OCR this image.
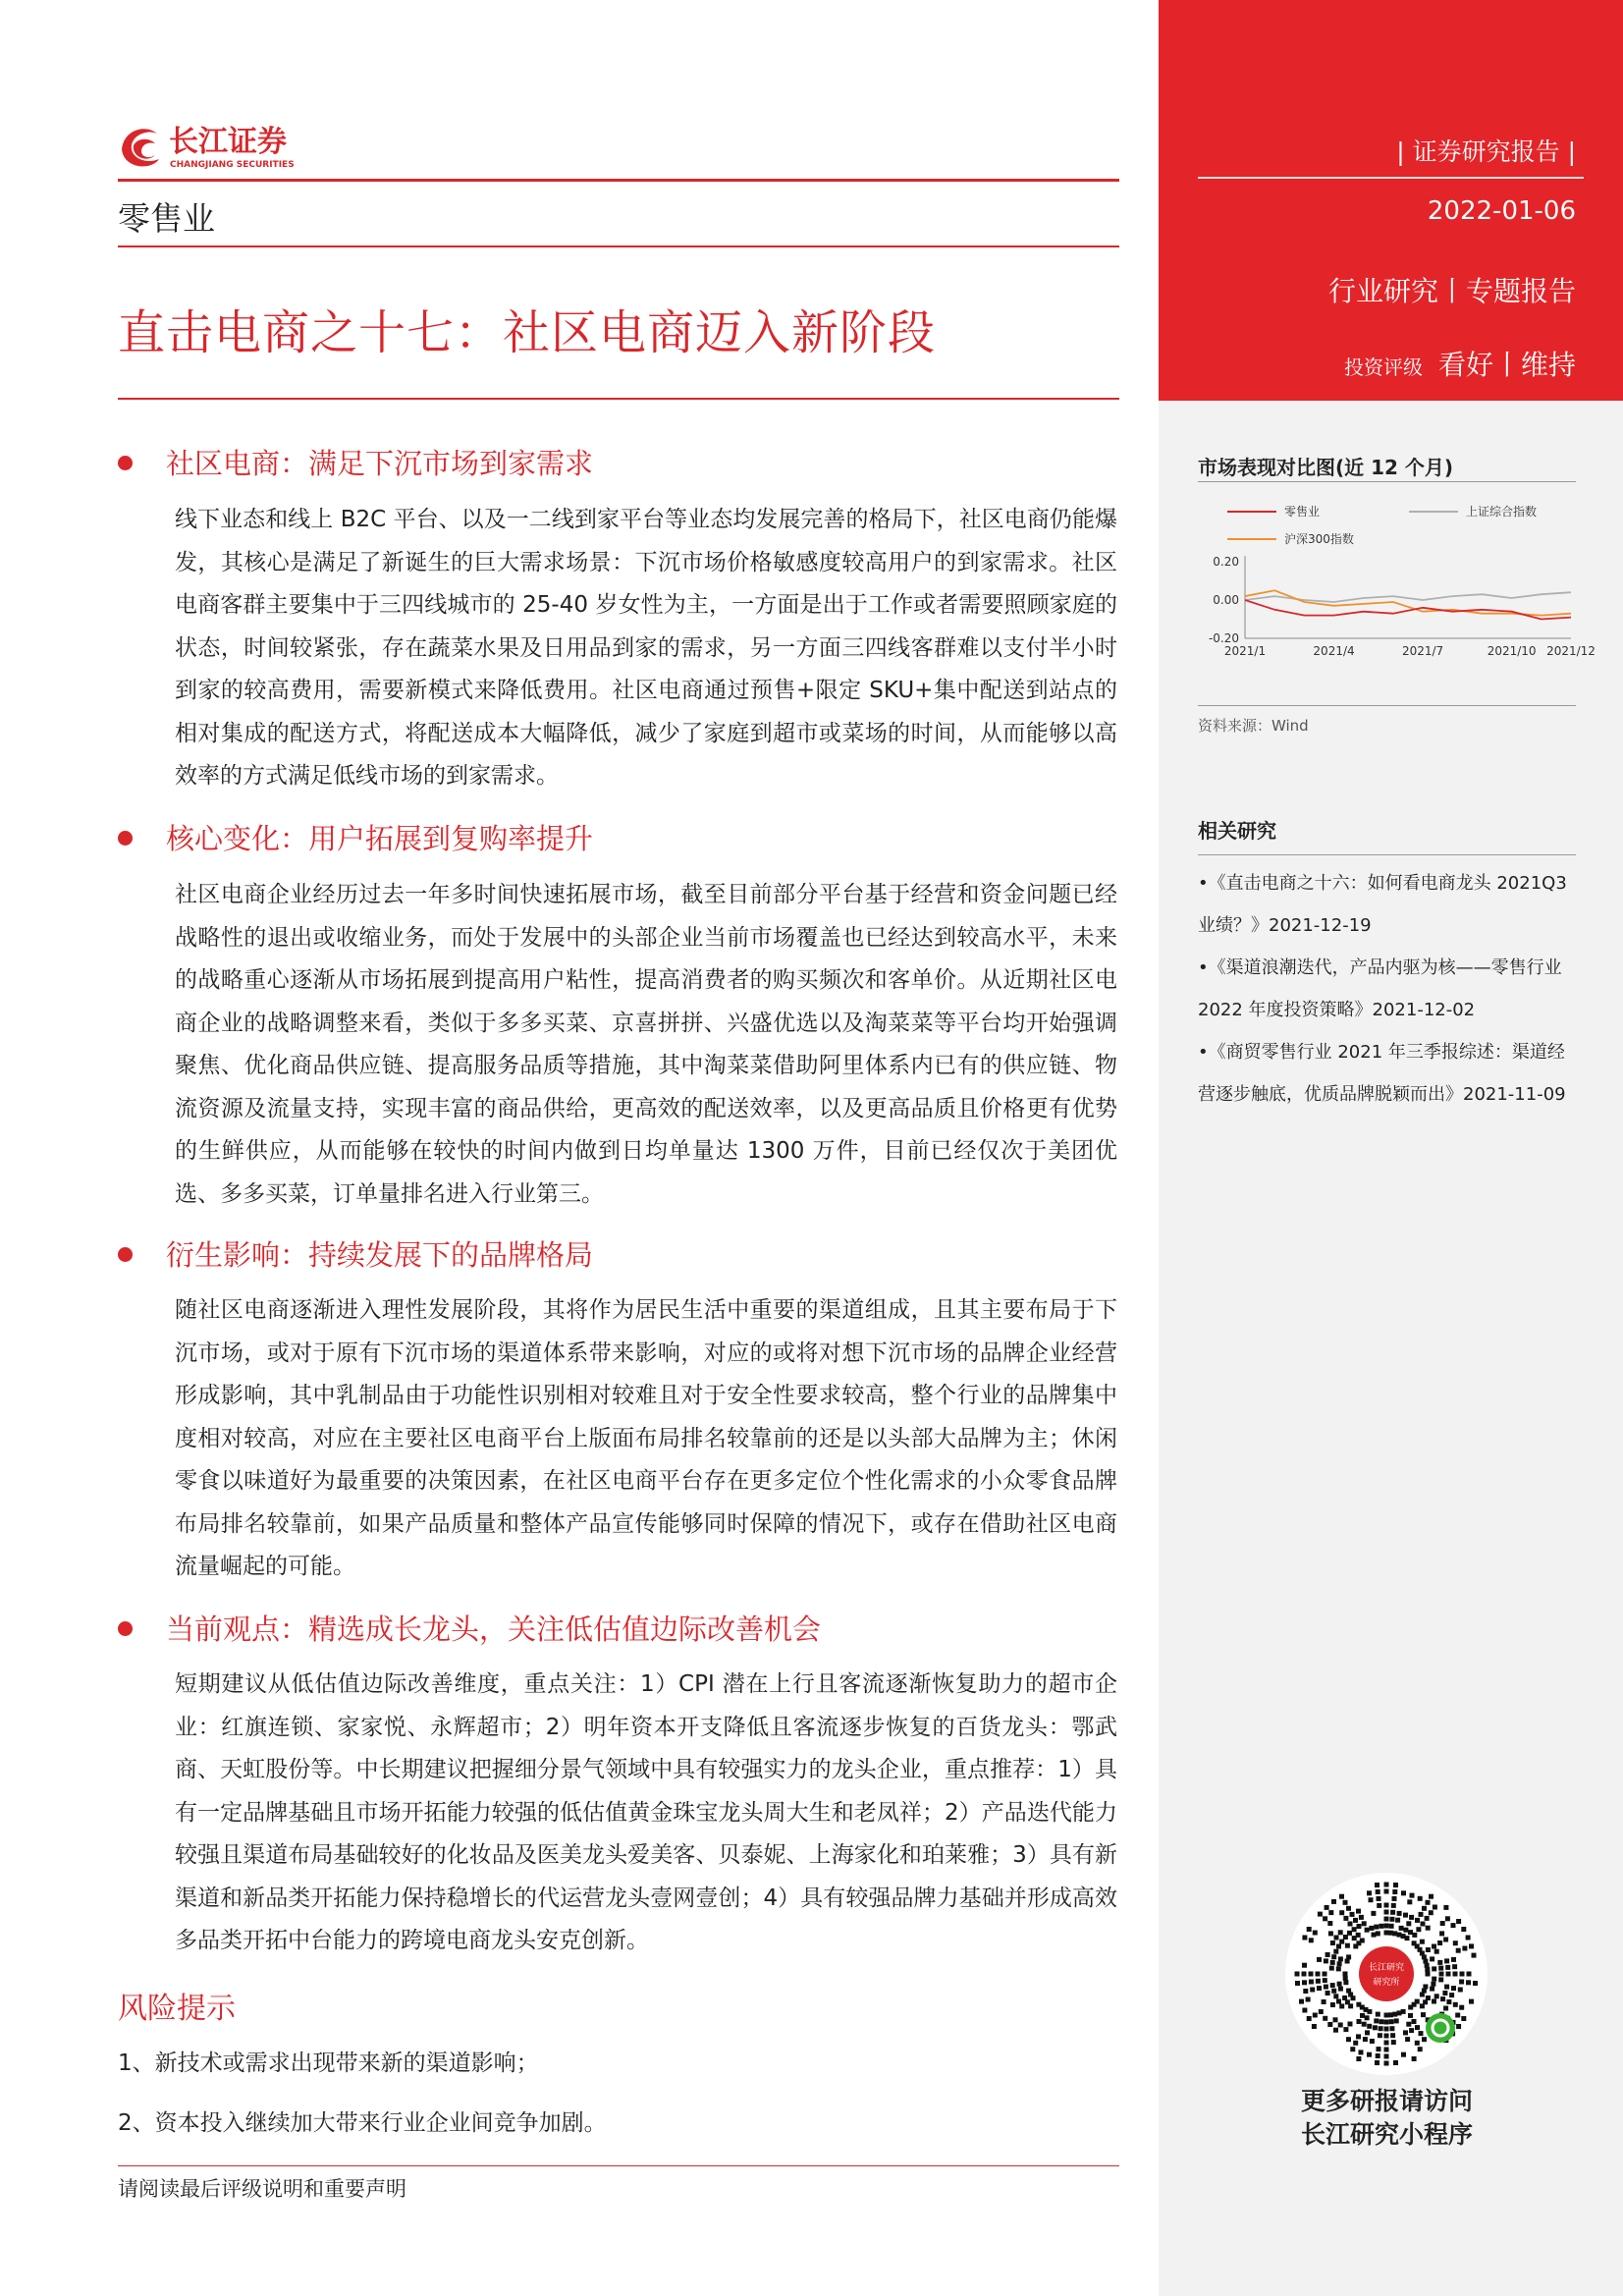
长江证券
CHANGJIANG SECURITIES
零售业
直击电商之十七：社区电商迈入新阶段
社区电商：满足下沉市场到家需求
线下业态和线上 B2C 平台、以及一二线到家平台等业态均发展完善的格局下，社区电商仍能爆发，其核心是满足了新诞生的巨大需求场景：下沉市场价格敏感度较高用户的到家需求。社区电商客群主要集中于三四线城市的 25-40 岁女性为主，一方面是出于工作或者需要照顾家庭的状态，时间较紧张，存在蔬菜水果及日用品到家的需求，另一方面三四线客群难以支付半小时到家的较高费用，需要新模式来降低费用。社区电商通过预售+限定 SKU+集中配送到站点的相对集成的配送方式，将配送成本大幅降低，减少了家庭到超市或菜场的时间，从而能够以高效率的方式满足低线市场的到家需求。
核心变化：用户拓展到复购率提升
社区电商企业经历过去一年多时间快速拓展市场，截至目前部分平台基于经营和资金问题已经战略性的退出或收缩业务，而处于发展中的头部企业当前市场覆盖也已经达到较高水平，未来的战略重心逐渐从市场拓展到提高用户粘性，提高消费者的购买频次和客单价。从近期社区电商企业的战略调整来看，类似于多多买菜、京喜拼拼、兴盛优选以及淘菜菜等平台均开始强调聚焦、优化商品供应链、提高服务品质等措施，其中淘菜菜借助阿里体系内已有的供应链、物流资源及流量支持，实现丰富的商品供给，更高效的配送效率，以及更高品质且价格更有优势的生鲜供应，从而能够在较快的时间内做到日均单量达 1300 万件，目前已经仅次于美团优选、多多买菜，订单量排名进入行业第三。
衍生影响：持续发展下的品牌格局
随社区电商逐渐进入理性发展阶段，其将作为居民生活中重要的渠道组成，且其主要布局于下沉市场，或对于原有下沉市场的渠道体系带来影响，对应的或将对想下沉市场的品牌企业经营形成影响，其中乳制品由于功能性识别相对较难且对于安全性要求较高，整个行业的品牌集中度相对较高，对应在主要社区电商平台上版面布局排名较靠前的还是以头部大品牌为主；休闲零食以味道好为最重要的决策因素，在社区电商平台存在更多定位个性化需求的小众零食品牌布局排名较靠前，如果产品质量和整体产品宣传能够同时保障的情况下，或存在借助社区电商流量崛起的可能。
当前观点：精选成长龙头，关注低估值边际改善机会
短期建议从低估值边际改善维度，重点关注：1）CPI 潜在上行且客流逐渐恢复助力的超市企业：红旗连锁、家家悦、永辉超市；2）明年资本开支降低且客流逐步恢复的百货龙头：鄂武商、天虹股份等。中长期建议把握细分景气领域中具有较强实力的龙头企业，重点推荐：1）具有一定品牌基础且市场开拓能力较强的低估值黄金珠宝龙头周大生和老凤祥；2）产品迭代能力较强且渠道布局基础较好的化妆品及医美龙头爱美客、贝泰妮、上海家化和珀莱雅；3）具有新渠道和新品类开拓能力保持稳增长的代运营龙头壹网壹创；4）具有较强品牌力基础并形成高效多品类开拓中台能力的跨境电商龙头安克创新。
风险提示
1、新技术或需求出现带来新的渠道影响；
2、资本投入继续加大带来行业企业间竞争加剧。
请阅读最后评级说明和重要声明
| 证券研究报告 |
2022-01-06
行业研究丨专题报告
投资评级 看好丨维持
市场表现对比图(近 12 个月)
0.20
0.00
-0.20
2021/1	2021/4	2021/7	2021/10 2021/12
零售业	上证综合指数
沪深300指数
资料来源：Wind
相关研究
•《直击电商之十六：如何看电商龙头 2021Q3 业绩？》2021-12-19
•《渠道浪潮迭代，产品内驱为核——零售行业2022 年度投资策略》2021-12-02
•《商贸零售行业 2021 年三季报综述：渠道经营逐步触底，优质品牌脱颖而出》2021-11-09
长江研究
研究所
更多研报请访问
长江研究小程序
